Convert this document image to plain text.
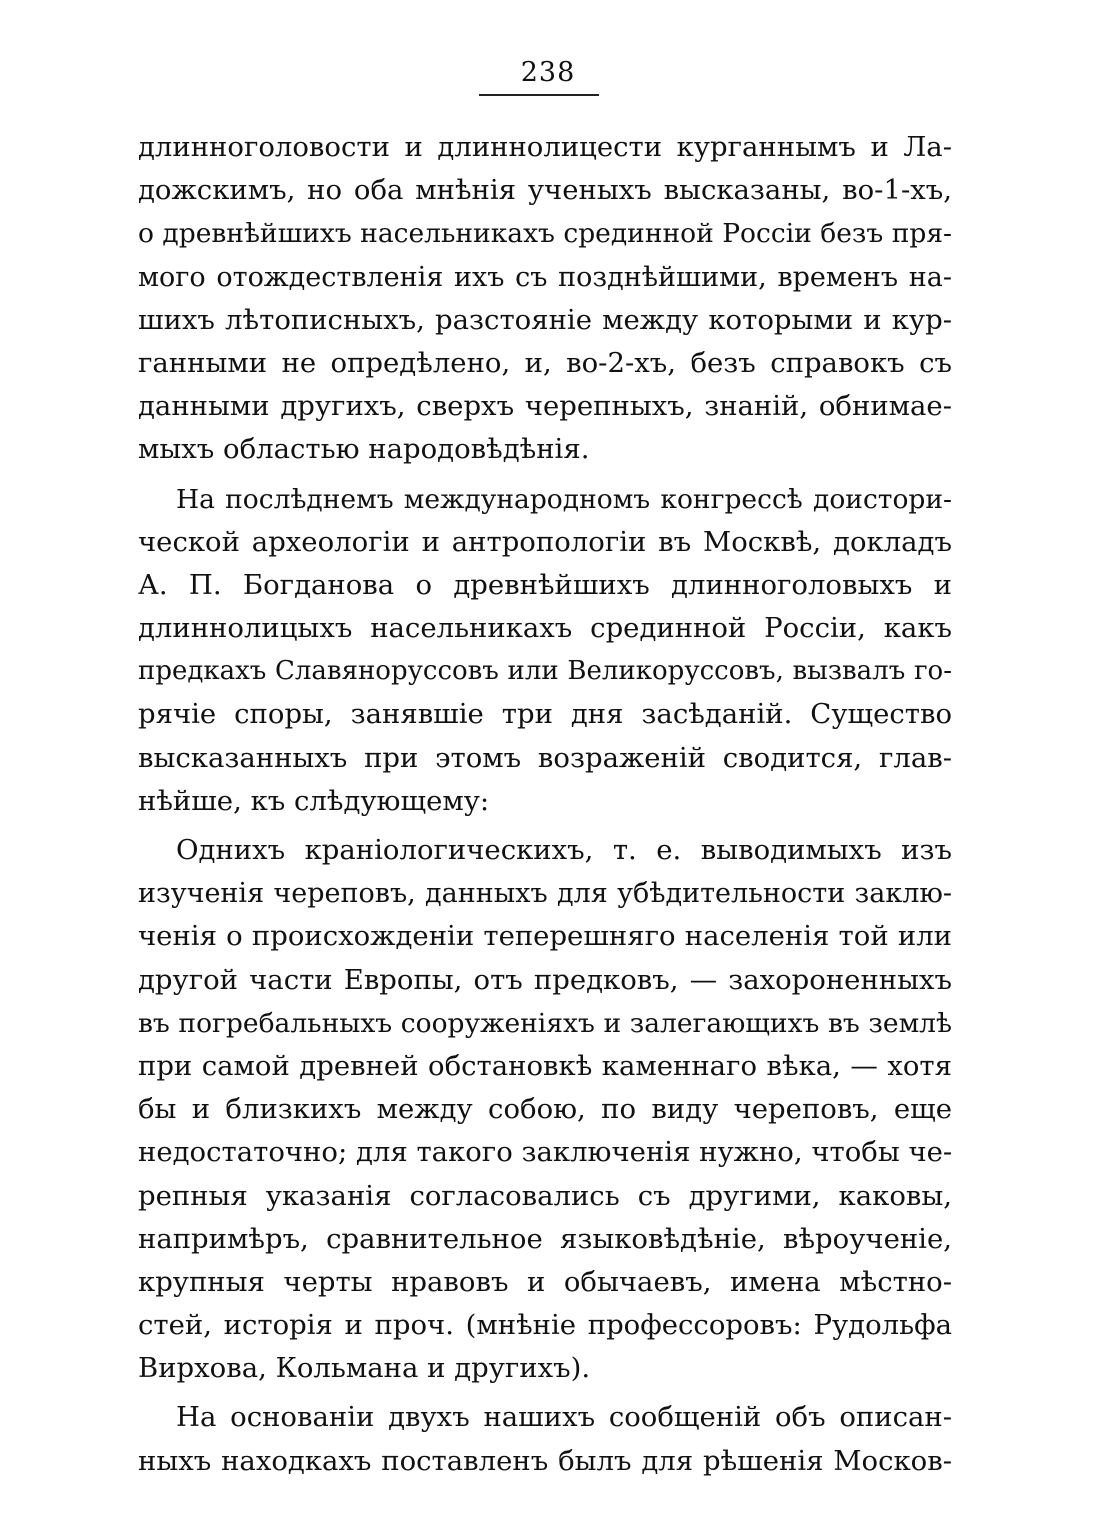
238
длинноголовости и длиннолицести курганнымъ и Ла-
дожскимъ, но оба мнѣнія ученыхъ высказаны, во-1-хъ,
о древнѣйшихъ насельникахъ срединной Россіи безъ пря-
мого отождествленія ихъ съ позднѣйшими, временъ на-
шихъ лѣтописныхъ, разстояніе между которыми и кур-
ганными не опредѣлено, и, во-2-хъ, безъ справокъ съ
данными другихъ, сверхъ черепныхъ, знаній, обнимае-
мыхъ областью народовѣдѣнія.
На послѣднемъ международномъ конгрессѣ доистори-
ческой археологіи и антропологіи въ Москвѣ, докладъ
А. П. Богданова о древнѣйшихъ длинноголовыхъ и
длиннолицыхъ насельникахъ срединной Россіи, какъ
предкахъ Славяноруссовъ или Великоруссовъ, вызвалъ го-
рячіе споры, занявшіе три дня засѣданій. Существо
высказанныхъ при этомъ возраженій сводится, глав-
нѣйше, къ слѣдующему:
Однихъ краніологическихъ, т. е. выводимыхъ изъ
изученія череповъ, данныхъ для убѣдительности заклю-
ченія о происхожденіи теперешняго населенія той или
другой части Европы, отъ предковъ, — захороненныхъ
въ погребальныхъ сооруженіяхъ и залегающихъ въ землѣ
при самой древней обстановкѣ каменнаго вѣка, — хотя
бы и близкихъ между собою, по виду череповъ, еще
недостаточно; для такого заключенія нужно, чтобы че-
репныя указанія согласовались съ другими, каковы,
напримѣръ, сравнительное языковѣдѣніе, вѣроученіе,
крупныя черты нравовъ и обычаевъ, имена мѣстно-
стей, исторія и проч. (мнѣніе профессоровъ: Рудольфа
Вирхова, Кольмана и другихъ).
На основаніи двухъ нашихъ сообщеній объ описан-
ныхъ находкахъ поставленъ былъ для рѣшенія Москов-
